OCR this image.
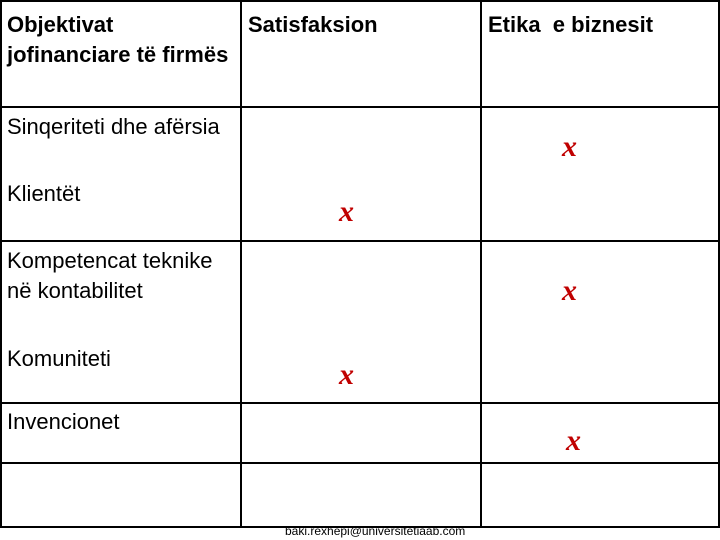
Objektivat jofinanciare të firmës
Satisfaksion	Etika  e biznesit
Sinqeriteti dhe afërsia
Klientët
Kompetencat teknike në kontabilitet
Komuniteti
Invencionet
x
x
x
x
x
baki.rexhepi@universitetiaab.com
